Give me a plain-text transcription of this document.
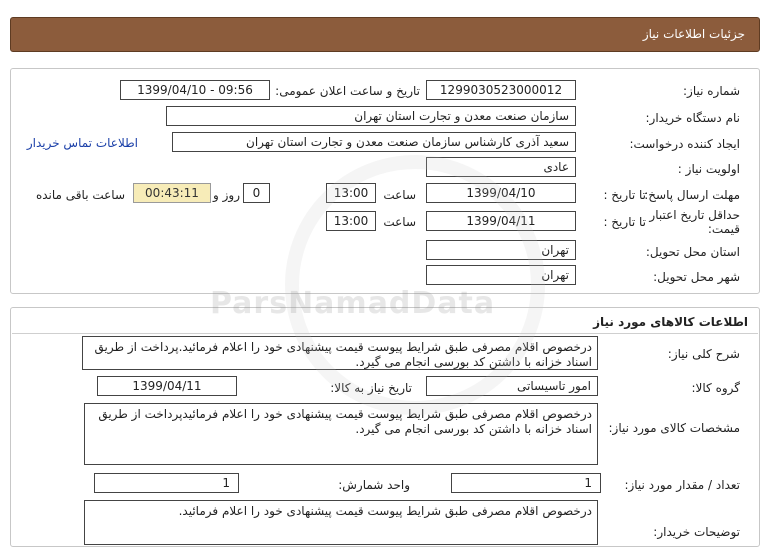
جزئیات اطلاعات نیاز
شماره نیاز:
1299030523000012
تاریخ و ساعت اعلان عمومی:
1399/04/10 - 09:56
نام دستگاه خریدار:
سازمان صنعت معدن و تجارت استان تهران
ایجاد کننده درخواست:
سعید آذری کارشناس سازمان صنعت معدن و تجارت استان تهران
اطلاعات تماس خریدار
اولویت نیاز :
عادی
مهلت ارسال پاسخ:
تا تاریخ :
1399/04/10
ساعت
13:00
0
روز و
00:43:11
ساعت باقی مانده
حداقل تاریخ اعتبار قیمت:
تا تاریخ :
1399/04/11
ساعت
13:00
استان محل تحویل:
تهران
شهر محل تحویل:
تهران
اطلاعات کالاهای مورد نیاز
شرح کلی نیاز:
درخصوص اقلام مصرفی طبق شرایط پیوست قیمت پیشنهادی خود را اعلام فرمائید.پرداخت از طریق اسناد خزانه با داشتن کد بورسی انجام می گیرد.
گروه کالا:
امور تاسیساتی
تاریخ نیاز به کالا:
1399/04/11
مشخصات کالای مورد نیاز:
درخصوص اقلام مصرفی طبق شرایط پیوست قیمت پیشنهادی خود را اعلام فرمائیدپرداخت از طریق اسناد خزانه با داشتن کد بورسی انجام می گیرد.
تعداد / مقدار مورد نیاز:
1
واحد شمارش:
1
توضیحات خریدار:
درخصوص اقلام مصرفی طبق شرایط پیوست قیمت پیشنهادی خود را اعلام فرمائید.
ParsNamadData
